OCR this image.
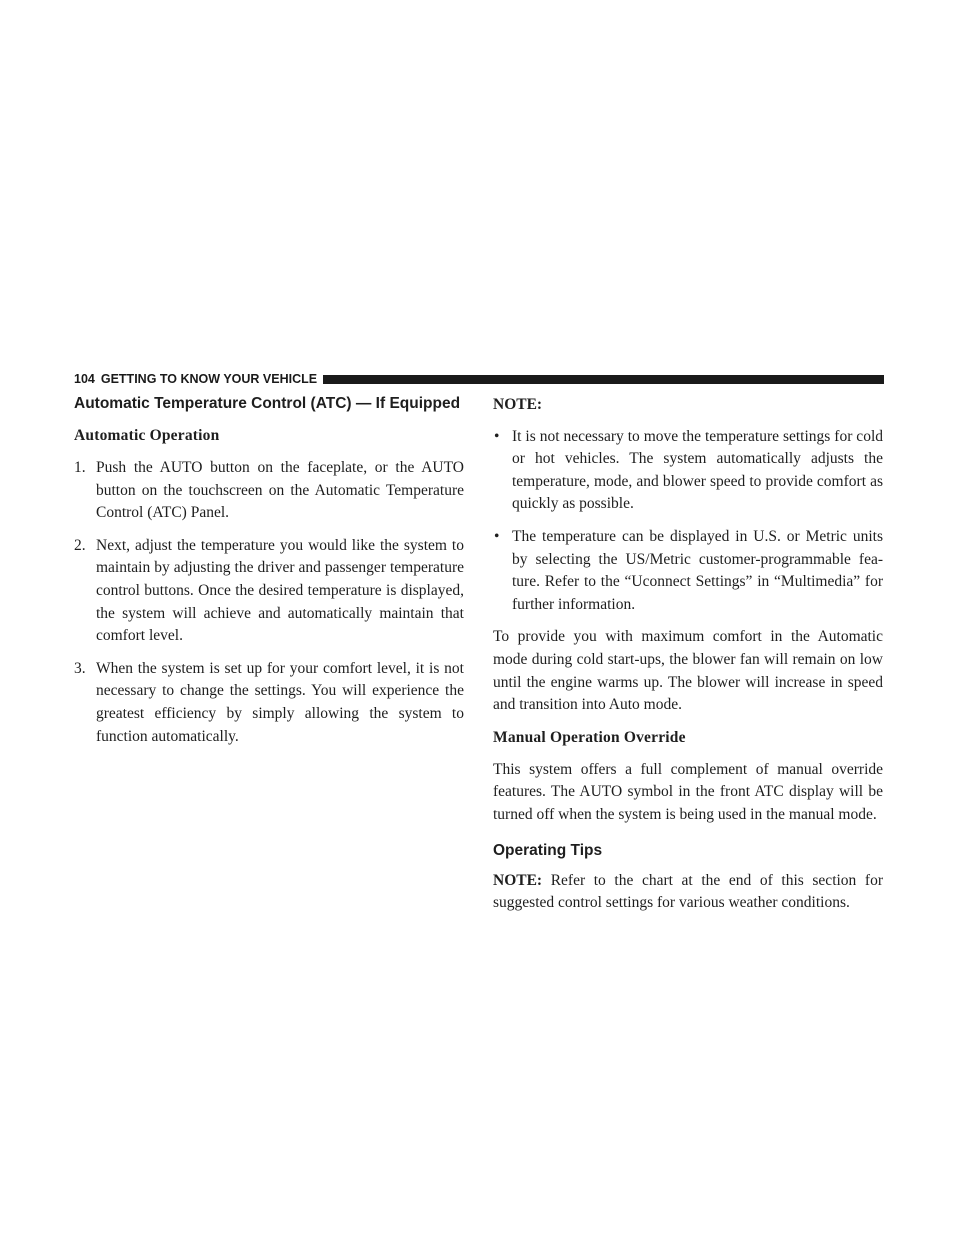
104 GETTING TO KNOW YOUR VEHICLE
Automatic Temperature Control (ATC) — If Equipped
Automatic Operation
1. Push the AUTO button on the faceplate, or the AUTO button on the touchscreen on the Automatic Temperature Control (ATC) Panel.
2. Next, adjust the temperature you would like the system to maintain by adjusting the driver and passenger temperature control buttons. Once the desired temperature is displayed, the system will achieve and automatically maintain that comfort level.
3. When the system is set up for your comfort level, it is not necessary to change the settings. You will experience the greatest efficiency by simply allowing the system to function automatically.
NOTE:
• It is not necessary to move the temperature settings for cold or hot vehicles. The system automatically adjusts the temperature, mode, and blower speed to provide comfort as quickly as possible.
• The temperature can be displayed in U.S. or Metric units by selecting the US/Metric customer-programmable feature. Refer to the “Uconnect Settings” in “Multimedia” for further information.
To provide you with maximum comfort in the Automatic mode during cold start-ups, the blower fan will remain on low until the engine warms up. The blower will increase in speed and transition into Auto mode.
Manual Operation Override
This system offers a full complement of manual override features. The AUTO symbol in the front ATC display will be turned off when the system is being used in the manual mode.
Operating Tips
NOTE: Refer to the chart at the end of this section for suggested control settings for various weather conditions.
